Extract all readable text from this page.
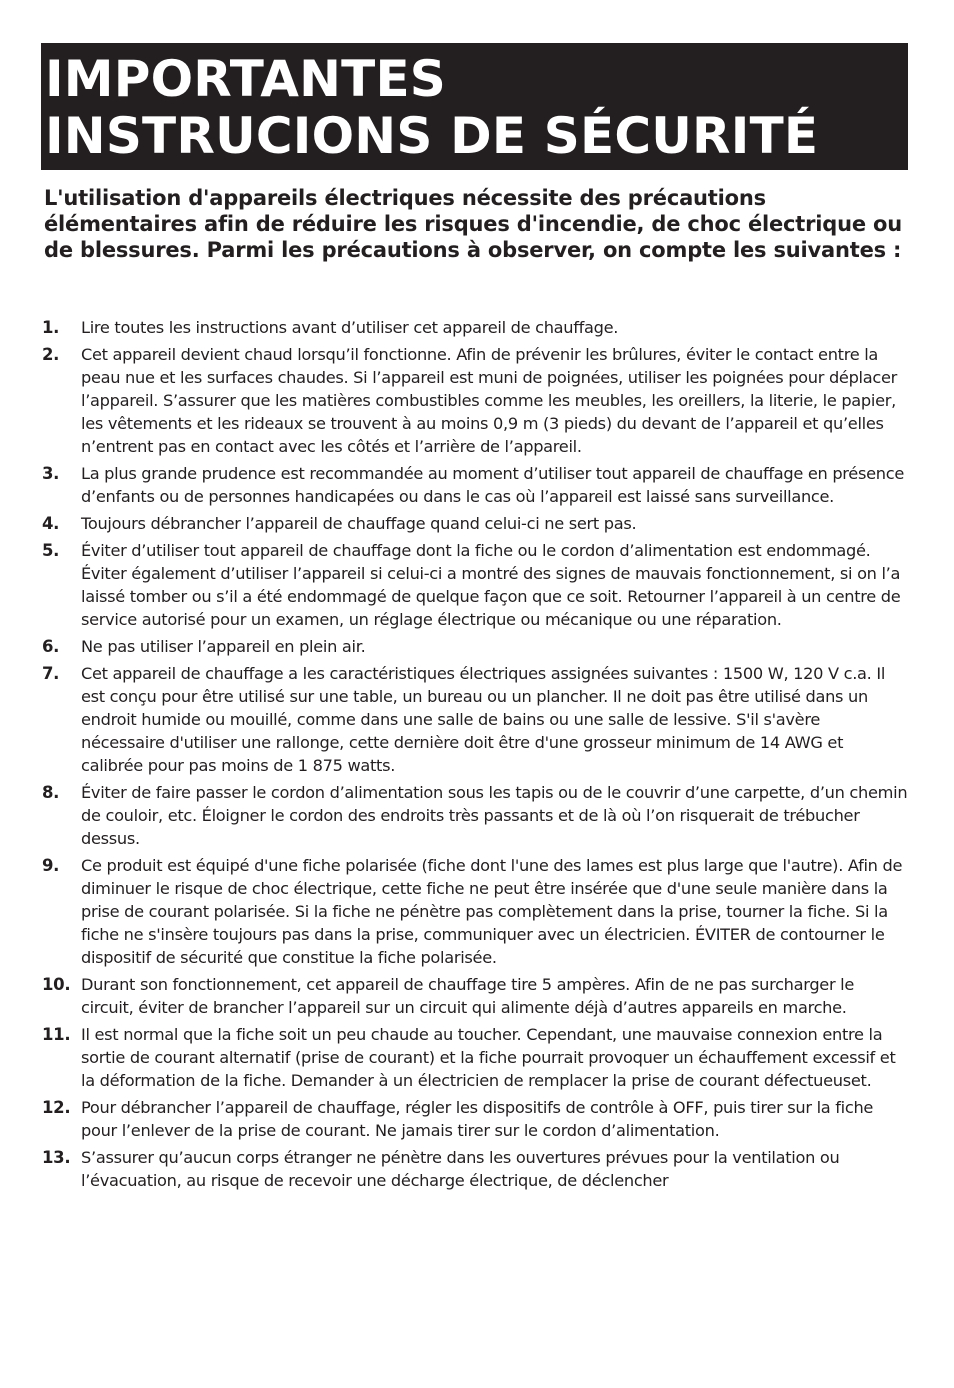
IMPORTANTES
INSTRUCIONS DE SÉCURITÉ

L'utilisation d'appareils électriques nécessite des précautions élémentaires afin de réduire les risques d'incendie, de choc électrique ou de blessures. Parmi les précautions à observer, on compte les suivantes :

1.	Lire toutes les instructions avant d’utiliser cet appareil de chauffage.
2.	Cet appareil devient chaud lorsqu’il fonctionne. Afin de prévenir les brûlures, éviter le contact entre la peau nue et les surfaces chaudes. Si l’appareil est muni de poignées, utiliser les poignées pour déplacer l’appareil. S’assurer que les matières combustibles comme les meubles, les oreillers, la literie, le papier, les vêtements et les rideaux se trouvent à au moins 0,9 m (3 pieds) du devant de l’appareil et qu’elles n’entrent pas en contact avec les côtés et l’arrière de l’appareil.
3.	La plus grande prudence est recommandée au moment d’utiliser tout appareil de chauffage en présence d’enfants ou de personnes handicapées ou dans le cas où l’appareil est laissé sans surveillance.
4.	Toujours débrancher l’appareil de chauffage quand celui-ci ne sert pas.
5.	Éviter d’utiliser tout appareil de chauffage dont la fiche ou le cordon d’alimentation est endommagé. Éviter également d’utiliser l’appareil si celui-ci a montré des signes de mauvais fonctionnement, si on l’a laissé tomber ou s’il a été endommagé de quelque façon que ce soit. Retourner l’appareil à un centre de service autorisé pour un examen, un réglage électrique ou mécanique ou une réparation.
6.	Ne pas utiliser l’appareil en plein air.
7.	Cet appareil de chauffage a les caractéristiques électriques assignées suivantes : 1500 W, 120 V c.a. Il est conçu pour être utilisé sur une table, un bureau ou un plancher. Il ne doit pas être utilisé dans un endroit humide ou mouillé, comme dans une salle de bains ou une salle de lessive. S'il s'avère nécessaire d'utiliser une rallonge, cette dernière doit être d'une grosseur minimum de 14 AWG et calibrée pour pas moins de 1 875 watts.
8.	Éviter de faire passer le cordon d’alimentation sous les tapis ou de le couvrir d’une carpette, d’un chemin de couloir, etc. Éloigner le cordon des endroits très passants et de là où l’on risquerait de trébucher dessus.
9.	Ce produit est équipé d'une fiche polarisée (fiche dont l'une des lames est plus large que l'autre). Afin de diminuer le risque de choc électrique, cette fiche ne peut être insérée que d'une seule manière dans la prise de courant polarisée. Si la fiche ne pénètre pas complètement dans la prise, tourner la fiche. Si la fiche ne s'insère toujours pas dans la prise, communiquer avec un électricien. ÉVITER de contourner le dispositif de sécurité que constitue la fiche polarisée.
10. Durant son fonctionnement, cet appareil de chauffage tire 5 ampères. Afin de ne pas surcharger le circuit, éviter de brancher l’appareil sur un circuit qui alimente déjà d’autres appareils en marche.
11. Il est normal que la fiche soit un peu chaude au toucher. Cependant, une mauvaise connexion entre la sortie de courant alternatif (prise de courant) et la fiche pourrait provoquer un échauffement excessif et la déformation de la fiche. Demander à un électricien de remplacer la prise de courant défectueuset.
12. Pour débrancher l’appareil de chauffage, régler les dispositifs de contrôle à OFF, puis tirer sur la fiche pour l’enlever de la prise de courant. Ne jamais tirer sur le cordon d’alimentation.
13. S’assurer qu’aucun corps étranger ne pénètre dans les ouvertures prévues pour la ventilation ou l’évacuation, au risque de recevoir une décharge électrique, de déclencher
